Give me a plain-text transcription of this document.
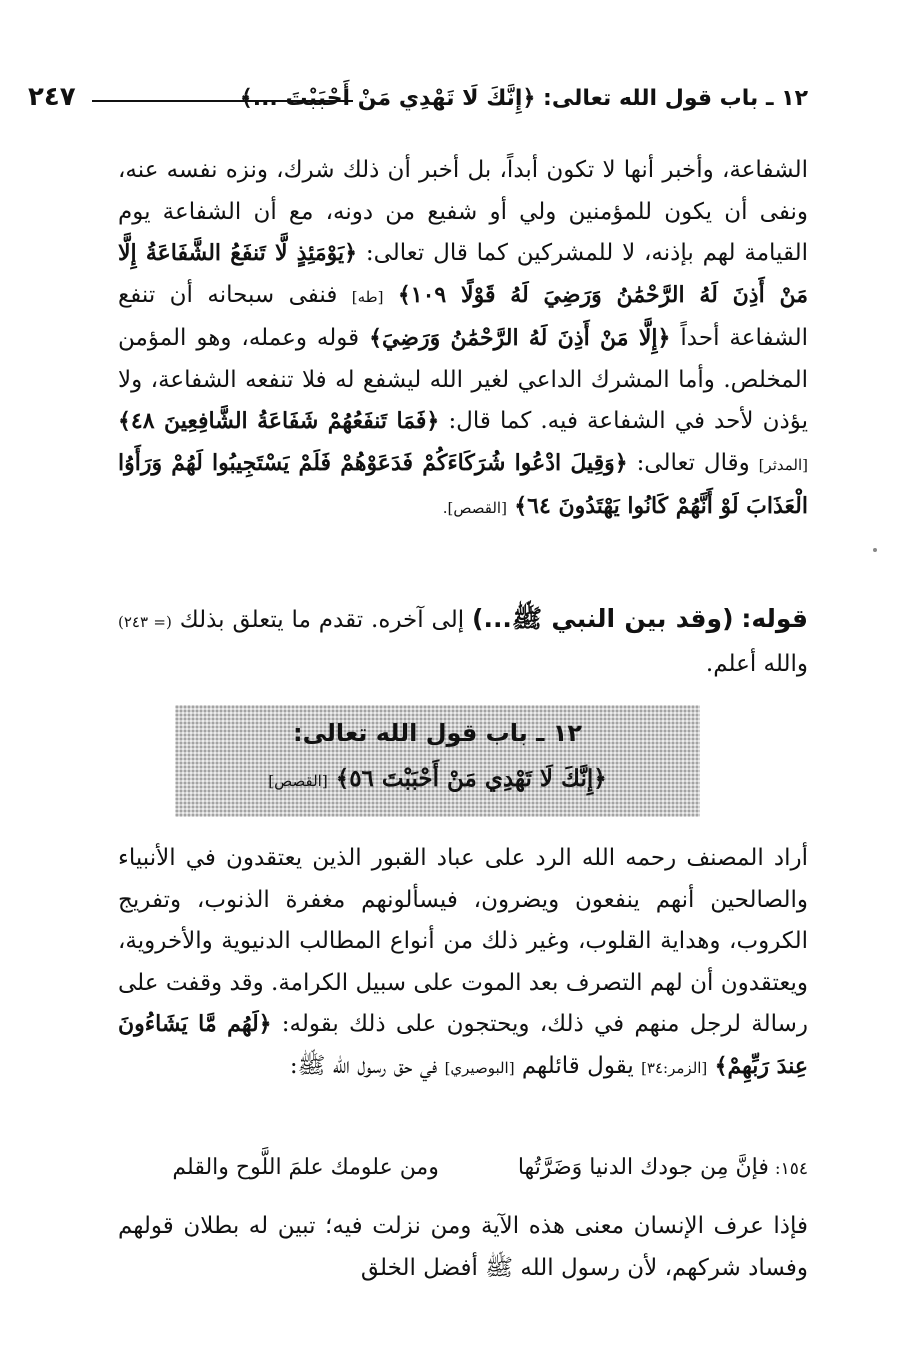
١٢ ـ باب قول الله تعالى: ﴿إِنَّكَ لَا تَهْدِي مَنْ أَحْبَبْتَ ...﴾
٢٤٧
الشفاعة، وأخبر أنها لا تكون أبداً، بل أخبر أن ذلك شرك، ونزه نفسه عنه، ونفى أن يكون للمؤمنين ولي أو شفيع من دونه، مع أن الشفاعة يوم القيامة لهم بإذنه، لا للمشركين كما قال تعالى: ﴿يَوْمَئِذٍ لَّا تَنفَعُ الشَّفَاعَةُ إِلَّا مَنْ أَذِنَ لَهُ الرَّحْمَٰنُ وَرَضِيَ لَهُ قَوْلًا ١٠٩﴾ [طه] فنفى سبحانه أن تنفع الشفاعة أحداً ﴿إِلَّا مَنْ أَذِنَ لَهُ الرَّحْمَٰنُ وَرَضِيَ﴾ قوله وعمله، وهو المؤمن المخلص. وأما المشرك الداعي لغير الله ليشفع له فلا تنفعه الشفاعة، ولا يؤذن لأحد في الشفاعة فيه. كما قال: ﴿فَمَا تَنفَعُهُمْ شَفَاعَةُ الشَّافِعِينَ ٤٨﴾ [المدثر] وقال تعالى: ﴿وَقِيلَ ادْعُوا شُرَكَاءَكُمْ فَدَعَوْهُمْ فَلَمْ يَسْتَجِيبُوا لَهُمْ وَرَأَوُا الْعَذَابَ لَوْ أَنَّهُمْ كَانُوا يَهْتَدُونَ ٦٤﴾ [القصص].
قوله: (وقد بين النبي ﷺ...) إلى آخره. تقدم ما يتعلق بذلك (= ٢٤٣) والله أعلم.
١٢ ـ باب قول الله تعالى:
﴿إِنَّكَ لَا تَهْدِي مَنْ أَحْبَبْتَ ٥٦﴾ [القصص]
أراد المصنف رحمه الله الرد على عباد القبور الذين يعتقدون في الأنبياء والصالحين أنهم ينفعون ويضرون، فيسألونهم مغفرة الذنوب، وتفريج الكروب، وهداية القلوب، وغير ذلك من أنواع المطالب الدنيوية والأخروية، ويعتقدون أن لهم التصرف بعد الموت على سبيل الكرامة. وقد وقفت على رسالة لرجل منهم في ذلك، ويحتجون على ذلك بقوله: ﴿لَهُم مَّا يَشَاءُونَ عِندَ رَبِّهِمْ﴾ [الزمر:٣٤] يقول قائلهم [البوصيري] في حق رسول الله ﷺ:
١٥٤:فإنَّ مِن جودك الدنيا وَضَرَّتُهاومن علومك علمَ اللَّوح والقلم
فإذا عرف الإنسان معنى هذه الآية ومن نزلت فيه؛ تبين له بطلان قولهم وفساد شركهم، لأن رسول الله ﷺ أفضل الخلق
